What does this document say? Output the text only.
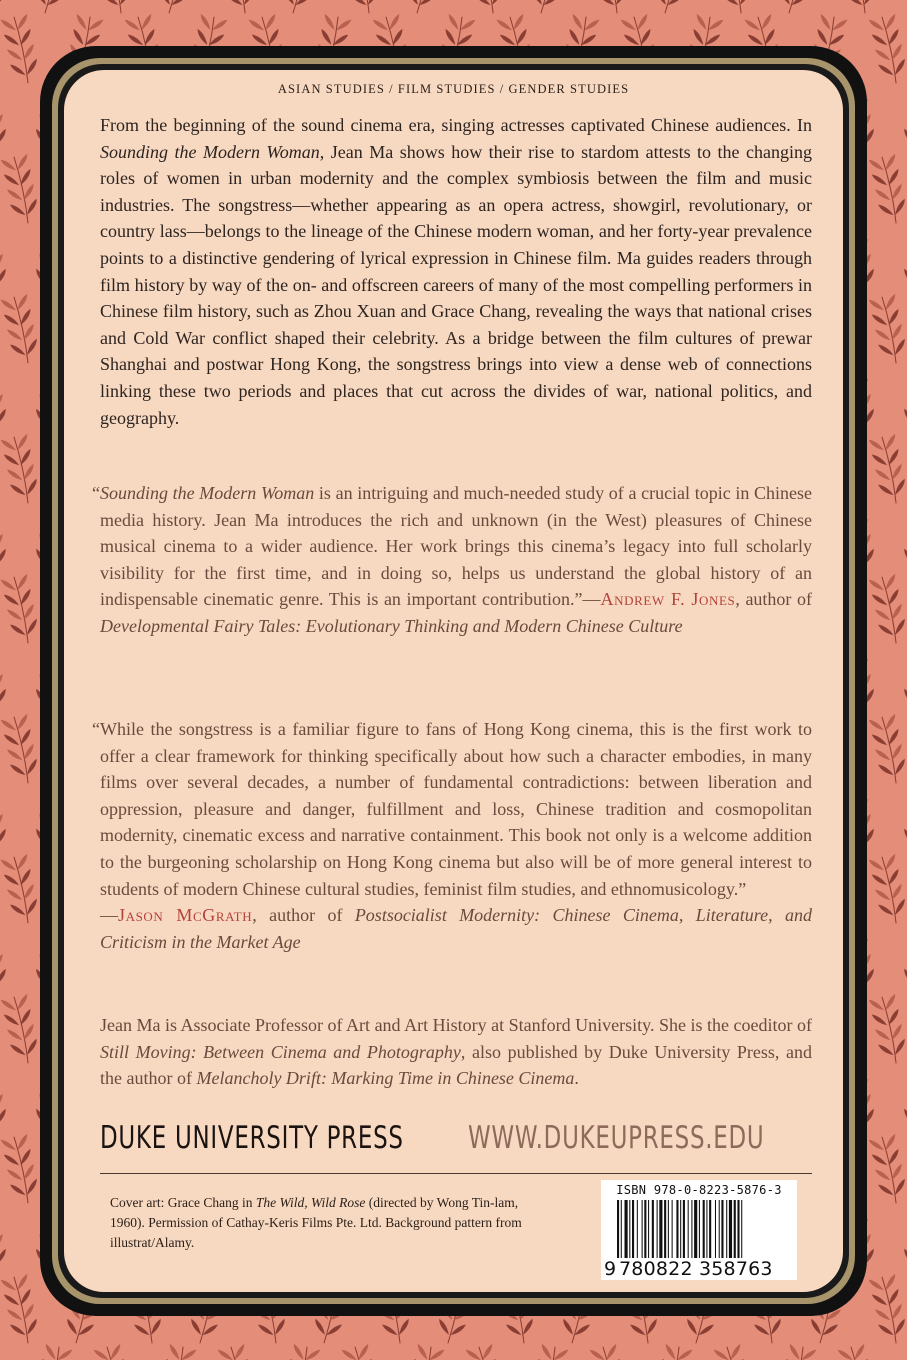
ASIAN STUDIES / FILM STUDIES / GENDER STUDIES
From the beginning of the sound cinema era, singing actresses captivated Chinese audiences. In Sounding the Modern Woman, Jean Ma shows how their rise to stardom attests to the changing roles of women in urban modernity and the complex symbiosis between the film and music industries. The songstress—whether appearing as an opera actress, showgirl, revolutionary, or country lass—belongs to the lineage of the Chinese modern woman, and her forty-year prevalence points to a distinctive gendering of lyrical expression in Chinese film. Ma guides readers through film history by way of the on- and offscreen careers of many of the most compelling performers in Chinese film history, such as Zhou Xuan and Grace Chang, revealing the ways that national crises and Cold War conflict shaped their celebrity. As a bridge between the film cultures of prewar Shanghai and postwar Hong Kong, the songstress brings into view a dense web of connections linking these two periods and places that cut across the divides of war, national politics, and geography.
“Sounding the Modern Woman is an intriguing and much-needed study of a crucial topic in Chinese media history. Jean Ma introduces the rich and unknown (in the West) pleasures of Chinese musical cinema to a wider audience. Her work brings this cinema’s legacy into full scholarly visibility for the first time, and in doing so, helps us understand the global history of an indispensable cinematic genre. This is an important contribution.”—Andrew F. Jones, author of Developmental Fairy Tales: Evolutionary Thinking and Modern Chinese Culture
“While the songstress is a familiar figure to fans of Hong Kong cinema, this is the first work to offer a clear framework for thinking specifically about how such a character embodies, in many films over several decades, a number of fundamental contradictions: between liberation and oppression, pleasure and danger, fulfillment and loss, Chinese tradition and cosmopolitan modernity, cinematic excess and narrative containment. This book not only is a welcome addition to the burgeoning scholarship on Hong Kong cinema but also will be of more general interest to students of modern Chinese cultural studies, feminist film studies, and ethnomusicology.”
—Jason McGrath, author of Postsocialist Modernity: Chinese Cinema, Literature, and Criticism in the Market Age
Jean Ma is Associate Professor of Art and Art History at Stanford University. She is the coeditor of Still Moving: Between Cinema and Photography, also published by Duke University Press, and the author of Melancholy Drift: Marking Time in Chinese Cinema.
DUKE UNIVERSITY PRESS WWW.DUKEUPRESS.EDU
Cover art: Grace Chang in The Wild, Wild Rose (directed by Wong Tin-lam, 1960). Permission of Cathay-Keris Films Pte. Ltd. Background pattern from illustrat/Alamy.
ISBN 978-0-8223-5876-3
9 780822 358763
